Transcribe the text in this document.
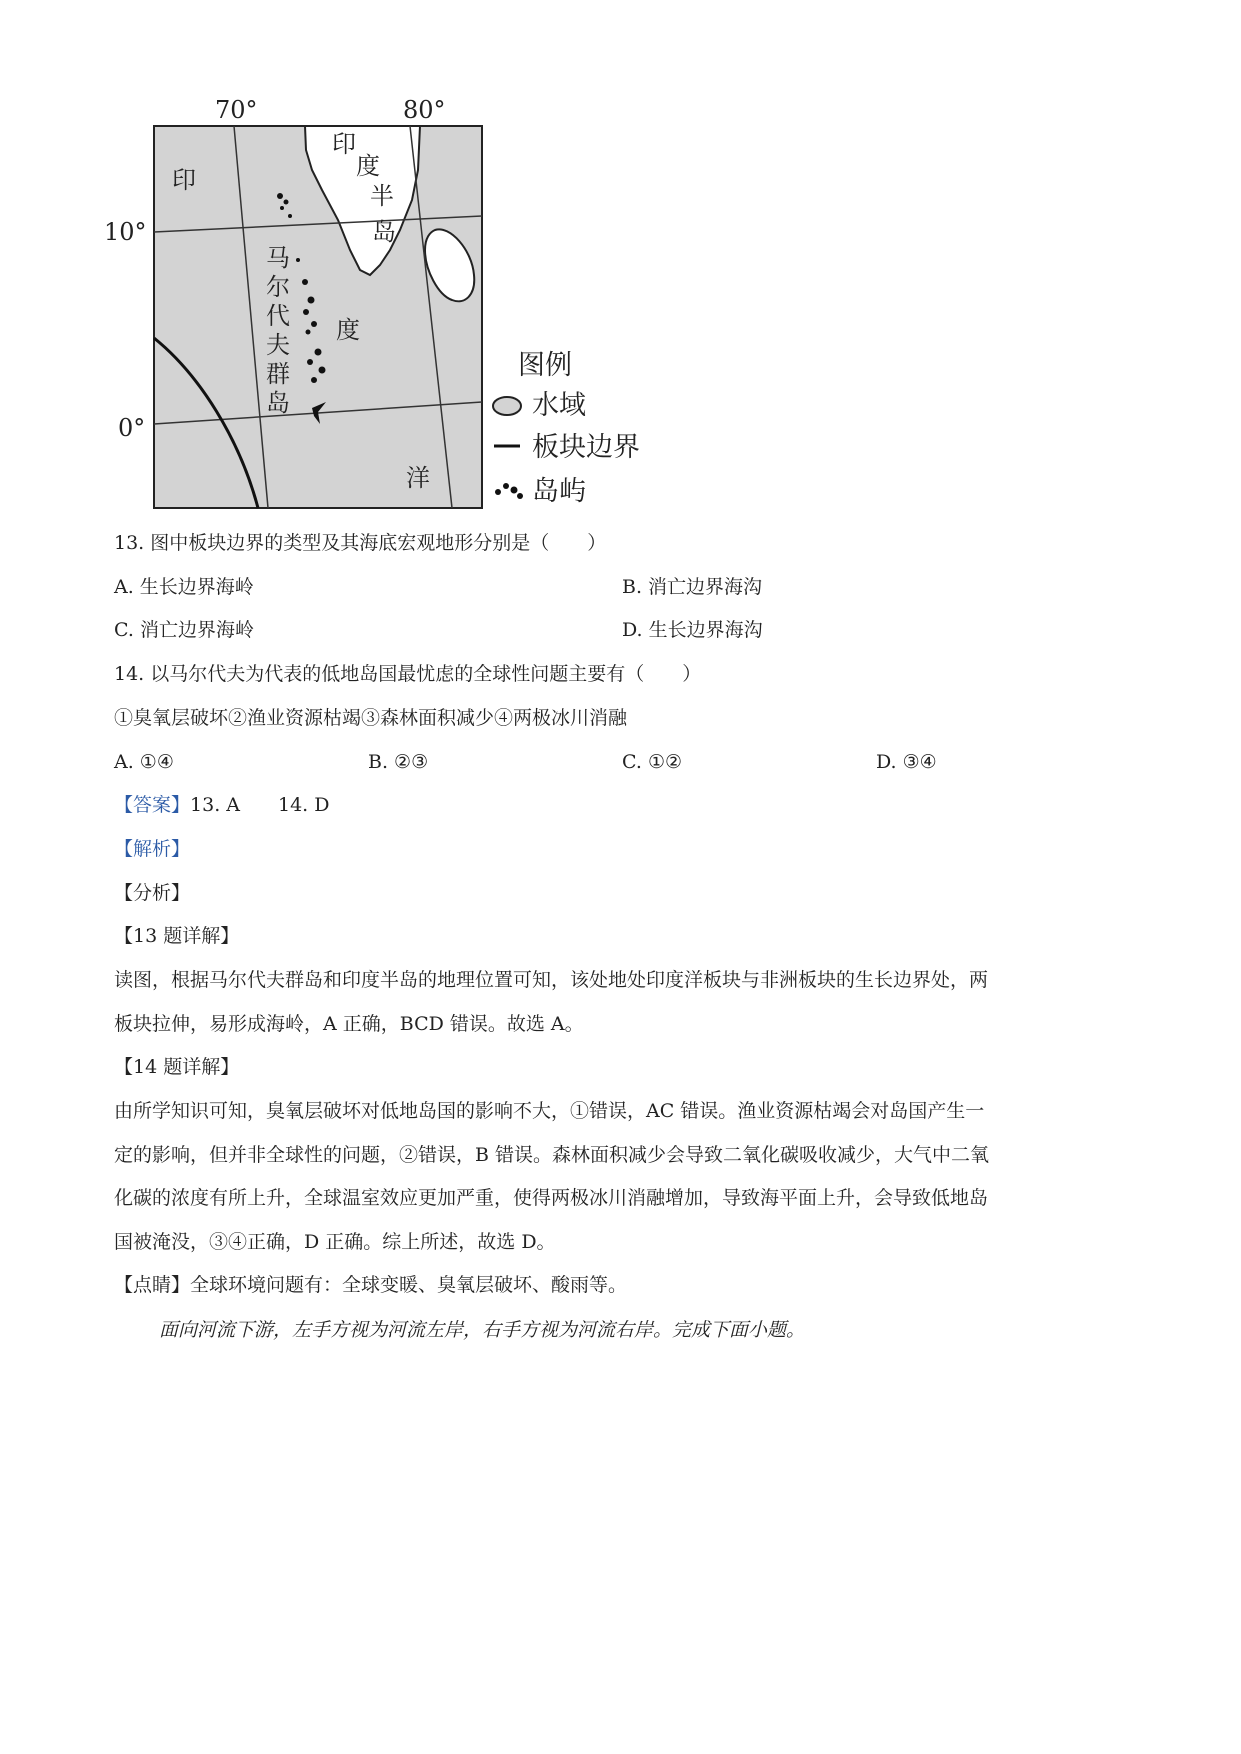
70°	80°
10°
0°
印
度
半
岛
马
尔
代
夫
群
岛
印
度
洋
图例
水域
板块边界
岛屿
13. 图中板块边界的类型及其海底宏观地形分别是（　　）
A. 生长边界海岭	B. 消亡边界海沟
C. 消亡边界海岭	D. 生长边界海沟
14. 以马尔代夫为代表的低地岛国最忧虑的全球性问题主要有（　　）
①臭氧层破坏②渔业资源枯竭③森林面积减少④两极冰川消融
A. ①④	B. ②③	C. ①②	D. ③④
【答案】13. A　　14. D
【解析】
【分析】
【13 题详解】
读图，根据马尔代夫群岛和印度半岛的地理位置可知，该处地处印度洋板块与非洲板块的生长边界处，两
板块拉伸，易形成海岭，A 正确，BCD 错误。故选 A。
【14 题详解】
由所学知识可知，臭氧层破坏对低地岛国的影响不大，①错误，AC 错误。渔业资源枯竭会对岛国产生一
定的影响，但并非全球性的问题，②错误，B 错误。森林面积减少会导致二氧化碳吸收减少，大气中二氧
化碳的浓度有所上升，全球温室效应更加严重，使得两极冰川消融增加，导致海平面上升，会导致低地岛
国被淹没，③④正确，D 正确。综上所述，故选 D。
【点睛】全球环境问题有：全球变暖、臭氧层破坏、酸雨等。
面向河流下游，左手方视为河流左岸，右手方视为河流右岸。完成下面小题。
